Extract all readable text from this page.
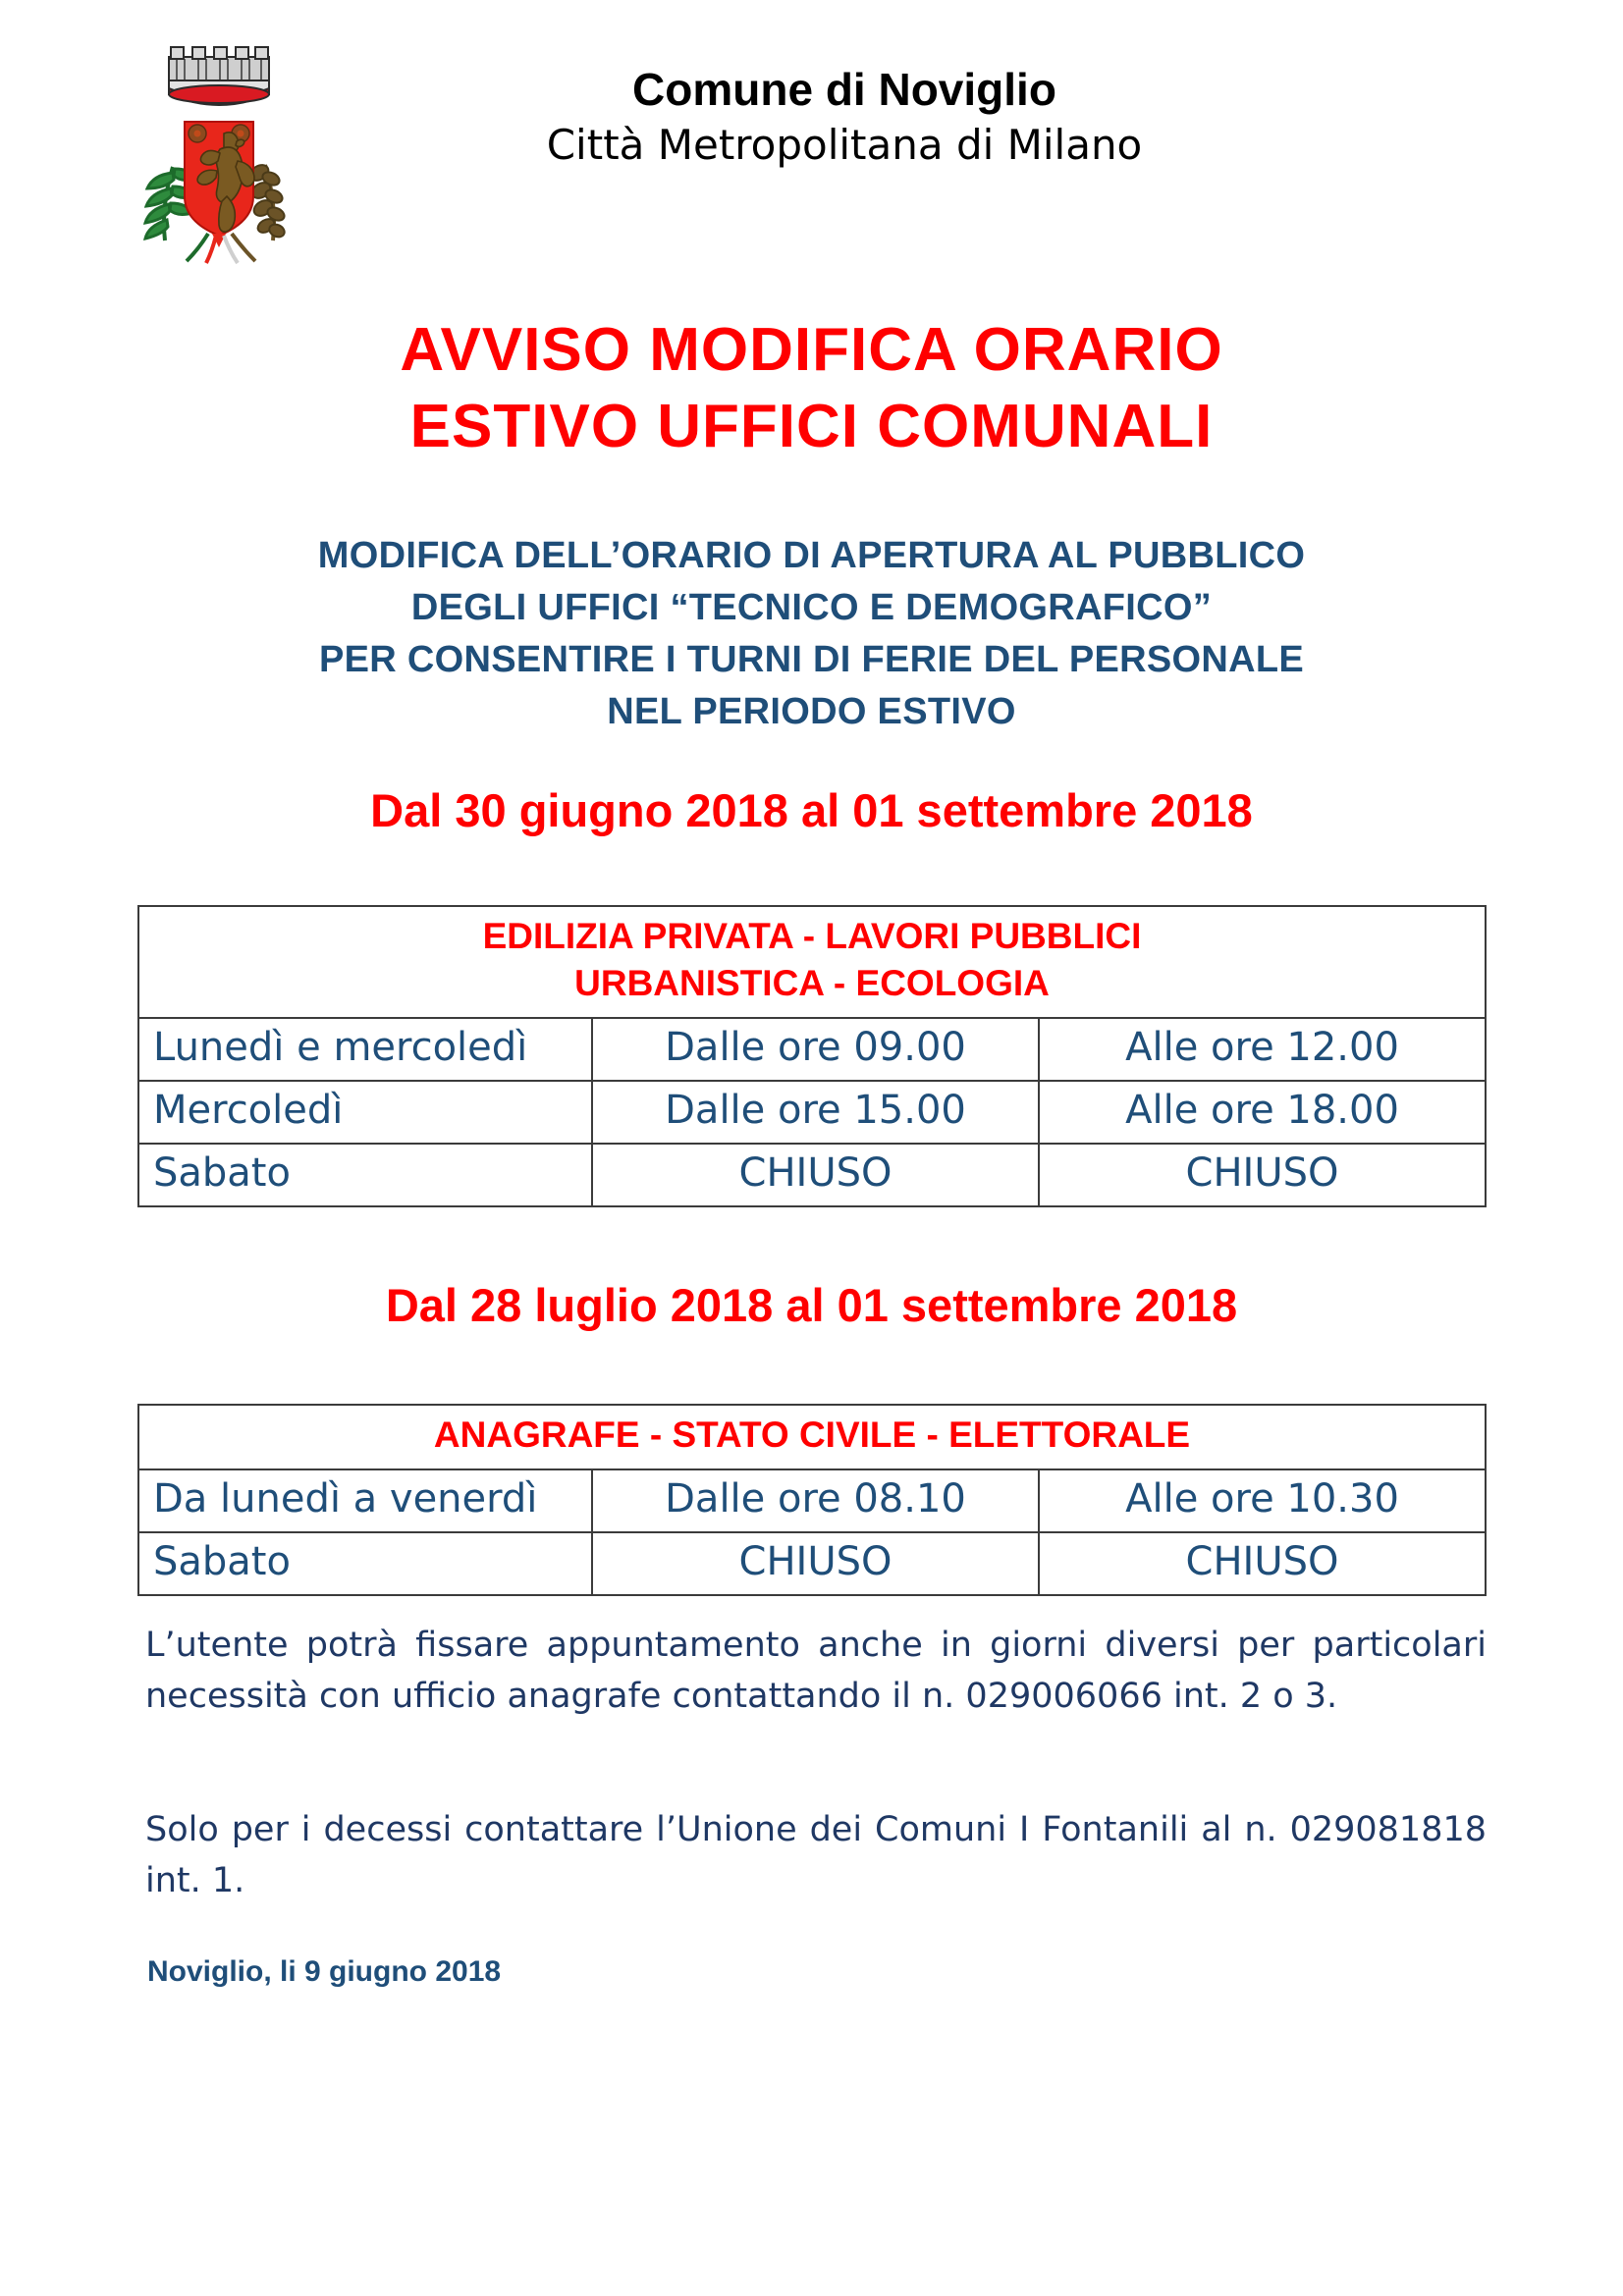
Comune di Noviglio
Città Metropolitana di Milano
AVVISO MODIFICA ORARIO
ESTIVO UFFICI COMUNALI
MODIFICA DELL’ORARIO DI APERTURA AL PUBBLICO
DEGLI UFFICI “TECNICO E DEMOGRAFICO”
PER CONSENTIRE I TURNI DI FERIE DEL PERSONALE
NEL PERIODO ESTIVO
Dal 30 giugno 2018 al 01 settembre 2018
EDILIZIA PRIVATA - LAVORI PUBBLICI
URBANISTICA - ECOLOGIA		

Lunedì e mercoledì	Dalle ore 09.00	Alle ore 12.00
Mercoledì	Dalle ore 15.00	Alle ore 18.00
Sabato	CHIUSO	CHIUSO
Dal 28 luglio 2018 al 01 settembre 2018
ANAGRAFE - STATO CIVILE - ELETTORALE		

Da lunedì a venerdì	Dalle ore 08.10	Alle ore 10.30
Sabato	CHIUSO	CHIUSO
L’utente potrà fissare appuntamento anche in giorni diversi per particolari necessità con ufficio anagrafe contattando il n. 029006066 int. 2 o 3.
Solo per i decessi contattare l’Unione dei Comuni I Fontanili al n. 029081818 int. 1.
Noviglio, li 9 giugno 2018
